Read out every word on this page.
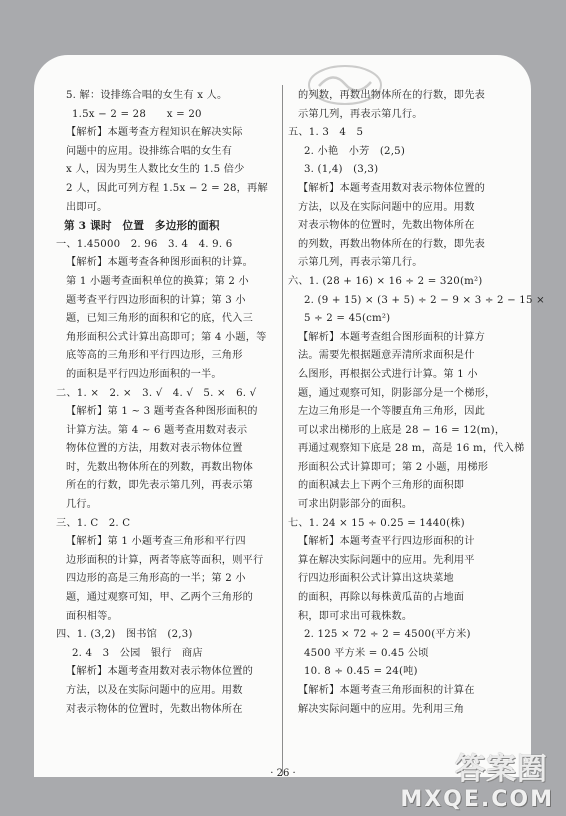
5. 解：设排练合唱的女生有 x 人。

1.5x − 2 = 28　　x = 20

【解析】本题考查方程知识在解决实际

问题中的应用。设排练合唱的女生有

x 人，因为男生人数比女生的 1.5 倍少

2 人，因此可列方程 1.5x − 2 = 28，再解

出即可。

第 3 课时　位置　多边形的面积

一、1.45000　2. 96　3. 4　4. 9. 6

【解析】本题考查各种图形面积的计算。

第 1 小题考查面积单位的换算；第 2 小

题考查平行四边形面积的计算；第 3 小

题，已知三角形的面积和它的底，代入三

角形面积公式计算出高即可；第 4 小题，等

底等高的三角形和平行四边形，三角形

的面积是平行四边形面积的一半。

二、1. ×　2. ×　3. √　4. √　5. ×　6. √

【解析】第 1 ~ 3 题考查各种图形面积的

计算方法。第 4 ~ 6 题考查用数对表示

物体位置的方法，用数对表示物体位置

时，先数出物体所在的列数，再数出物体

所在的行数，即先表示第几列，再表示第

几行。

三、1. C　2. C

【解析】第 1 小题考查三角形和平行四

边形面积的计算，两者等底等面积，则平行

四边形的高是三角形高的一半；第 2 小

题，通过观察可知，甲、乙两个三角形的

面积相等。

四、1. (3,2)　图书馆　(2,3)

2. 4　3　公园　银行　商店

【解析】本题考查用数对表示物体位置的

方法，以及在实际问题中的应用。用数

对表示物体的位置时，先数出物体所在

的列数，再数出物体所在的行数，即先表

示第几列，再表示第几行。

五、1. 3　4　5

2. 小艳　小芳　(2,5)

3. (1,4)　(3,3)

【解析】本题考查用数对表示物体位置的

方法，以及在实际问题中的应用。用数

对表示物体的位置时，先数出物体所在

的列数，再数出物体所在的行数，即先表

示第几列，再表示第几行。

六、1. (28 + 16) × 16 ÷ 2 = 320(m²)

2. (9 + 15) × (3 + 5) ÷ 2 − 9 × 3 ÷ 2 − 15 ×

5 ÷ 2 = 45(cm²)

【解析】本题考查组合图形面积的计算方

法。需要先根据题意弄清所求面积是什

么图形，再根据公式进行计算。第 1 小

题，通过观察可知，阴影部分是一个梯形，

左边三角形是一个等腰直角三角形，因此

可以求出梯形的上底是 28 − 16 = 12(m)，

再通过观察知下底是 28 m，高是 16 m，代入梯

形面积公式计算即可；第 2 小题，用梯形

的面积减去上下两个三角形的面积即

可求出阴影部分的面积。

七、1. 24 × 15 ÷ 0.25 = 1440(株)

【解析】本题考查平行四边形面积的计

算在解决实际问题中的应用。先利用平

行四边形面积公式计算出这块菜地

的面积，再除以每株黄瓜苗的占地面

积，即可求出可栽株数。

2. 125 × 72 ÷ 2 = 4500(平方米)

4500 平方米 = 0.45 公顷

10. 8 ÷ 0.45 = 24(吨)

【解析】本题考查三角形面积的计算在

解决实际问题中的应用。先利用三角

· 26 ·	答案圈
MXQE.COM
